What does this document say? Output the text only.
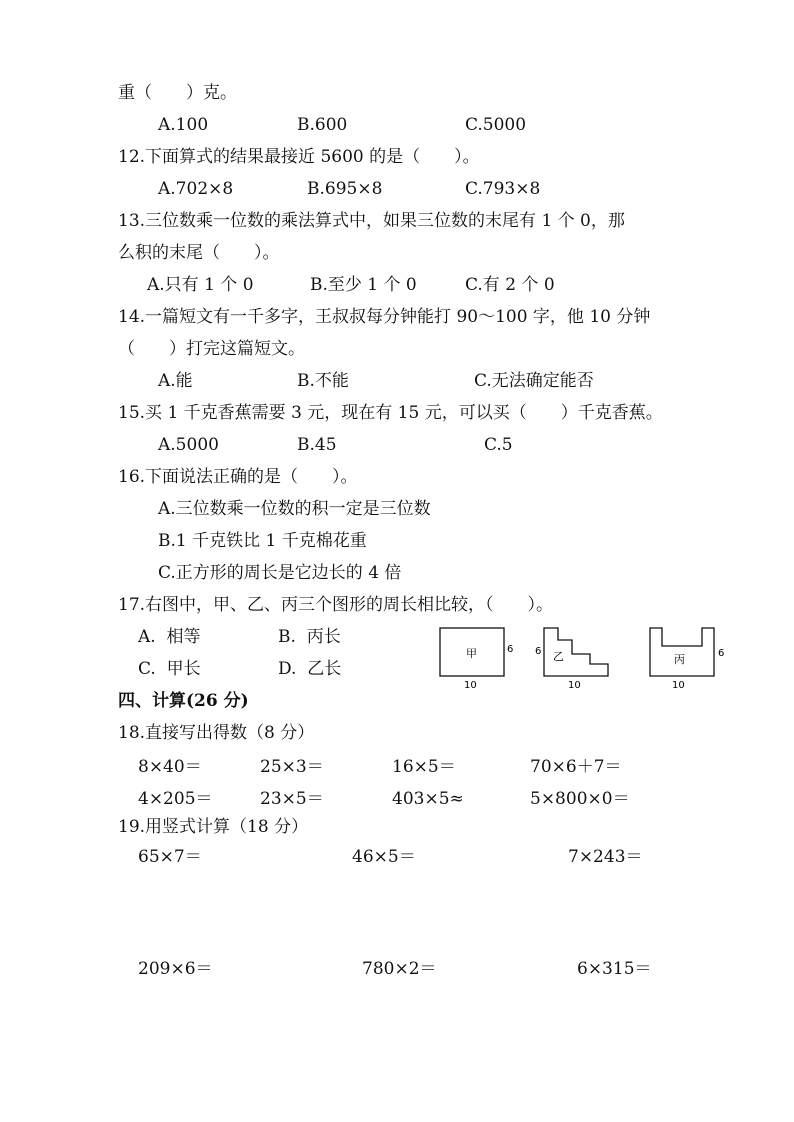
重（　　）克。
A.100	B.600	C.5000
12.下面算式的结果最接近 5600 的是（　　）。
A.702×8	B.695×8	C.793×8
13.三位数乘一位数的乘法算式中，如果三位数的末尾有 1 个 0，那
么积的末尾（　　）。
A.只有 1 个 0	B.至少 1 个 0	C.有 2 个 0
14.一篇短文有一千多字，王叔叔每分钟能打 90～100 字，他 10 分钟
（　　）打完这篇短文。
A.能	B.不能	C.无法确定能否
15.买 1 千克香蕉需要 3 元，现在有 15 元，可以买（　　）千克香蕉。
A.5000	B.45	C.5
16.下面说法正确的是（　　）。
A.三位数乘一位数的积一定是三位数
B.1 千克铁比 1 千克棉花重
C.正方形的周长是它边长的 4 倍
17.右图中，甲、乙、丙三个图形的周长相比较，（　　）。
A.  相等	B.  丙长
C.  甲长	D.  乙长
甲	6
10
乙
6
10
丙	6
10
四、计算(26 分)
18.直接写出得数（8 分）
8×40＝	25×3＝	16×5＝	70×6＋7＝
4×205＝	23×5＝	403×5≈	5×800×0＝
19.用竖式计算（18 分）
65×7＝	46×5＝	7×243＝
209×6＝	780×2＝	6×315＝
